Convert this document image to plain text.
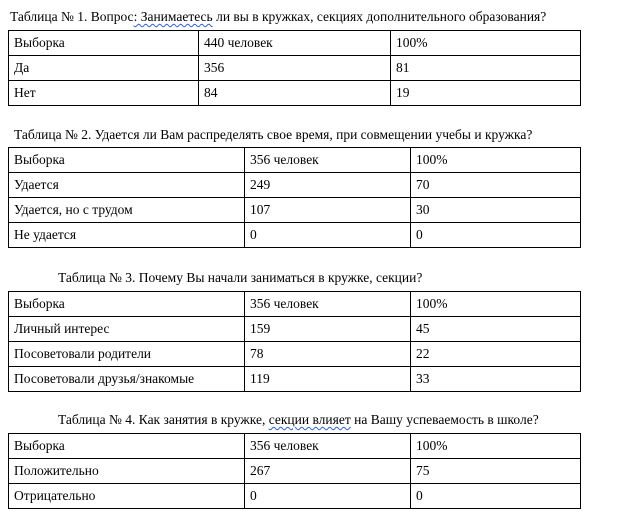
Таблица № 1. Вопрос: Занимаетесь ли вы в кружках, секциях дополнительного образования?
Выборка	440 человек	100%
Да	356	81
Нет	84	19
Таблица № 2. Удается ли Вам распределять свое время, при совмещении учебы и кружка?
Выборка	356 человек	100%
Удается	249	70
Удается, но с трудом	107	30
Не удается	0	0
Таблица № 3. Почему Вы начали заниматься в кружке, секции?
Выборка	356 человек	100%
Личный интерес	159	45
Посоветовали родители	78	22
Посоветовали друзья/знакомые	119	33
Таблица № 4. Как занятия в кружке, секции влияет на Вашу успеваемость в школе?
Выборка	356 человек	100%
Положительно	267	75
Отрицательно	0	0
